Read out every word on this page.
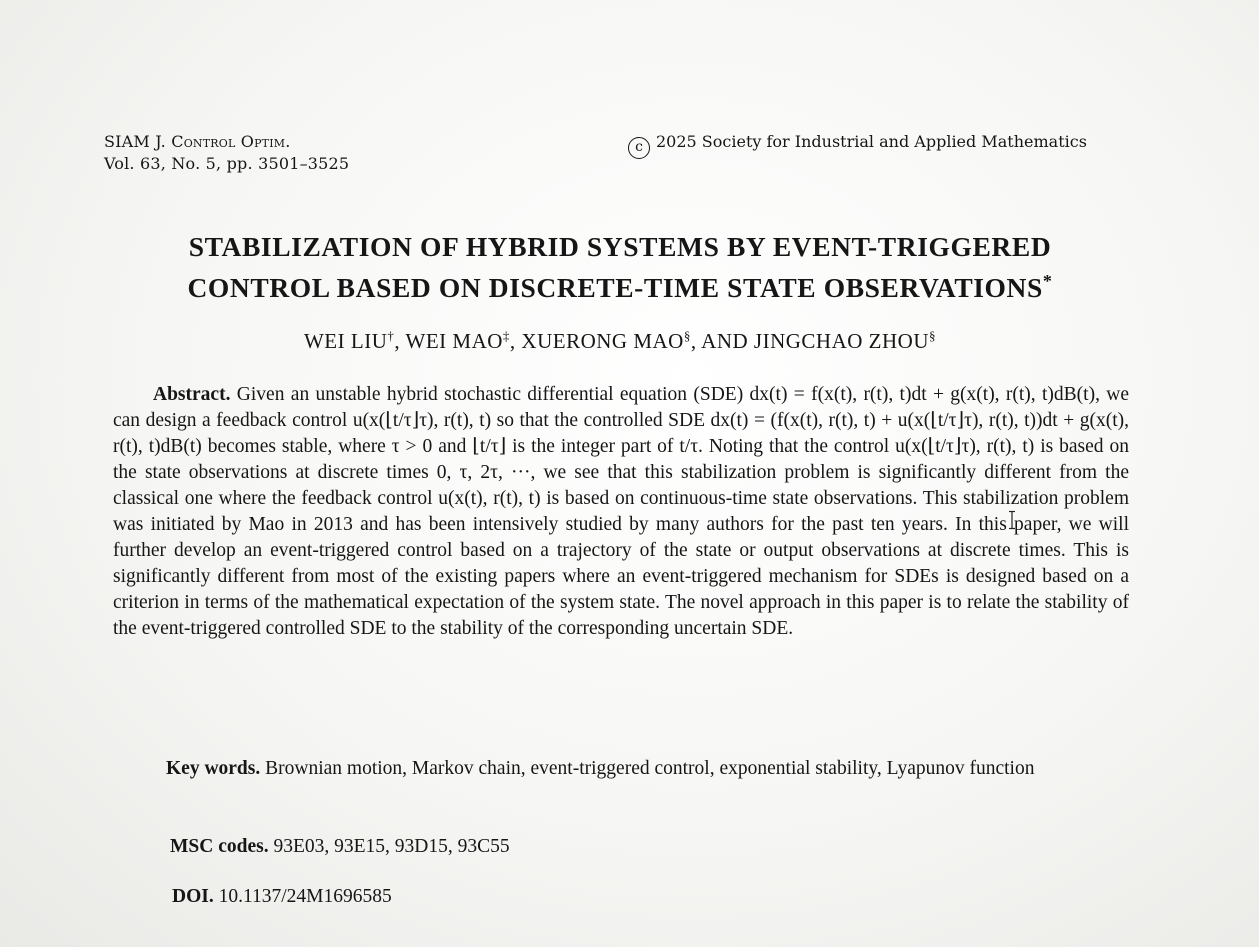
SIAM J. Control Optim.
Vol. 63, No. 5, pp. 3501–3525
c 2025 Society for Industrial and Applied Mathematics
STABILIZATION OF HYBRID SYSTEMS BY EVENT-TRIGGERED
CONTROL BASED ON DISCRETE-TIME STATE OBSERVATIONS*
WEI LIU†, WEI MAO‡, XUERONG MAO§, AND JINGCHAO ZHOU§
Abstract. Given an unstable hybrid stochastic differential equation (SDE) dx(t) = f(x(t), r(t), t)dt + g(x(t), r(t), t)dB(t), we can design a feedback control u(x(⌊t/τ⌋τ), r(t), t) so that the controlled SDE dx(t) = (f(x(t), r(t), t) + u(x(⌊t/τ⌋τ), r(t), t))dt + g(x(t), r(t), t)dB(t) becomes stable, where τ > 0 and ⌊t/τ⌋ is the integer part of t/τ. Noting that the control u(x(⌊t/τ⌋τ), r(t), t) is based on the state observations at discrete times 0, τ, 2τ, ···, we see that this stabilization problem is significantly different from the classical one where the feedback control u(x(t), r(t), t) is based on continuous-time state observations. This stabilization problem was initiated by Mao in 2013 and has been intensively studied by many authors for the past ten years. In this paper, we will further develop an event-triggered control based on a trajectory of the state or output observations at discrete times. This is significantly different from most of the existing papers where an event-triggered mechanism for SDEs is designed based on a criterion in terms of the mathematical expectation of the system state. The novel approach in this paper is to relate the stability of the event-triggered controlled SDE to the stability of the corresponding uncertain SDE.
Key words. Brownian motion, Markov chain, event-triggered control, exponential stability, Lyapunov function
MSC codes. 93E03, 93E15, 93D15, 93C55
DOI. 10.1137/24M1696585
